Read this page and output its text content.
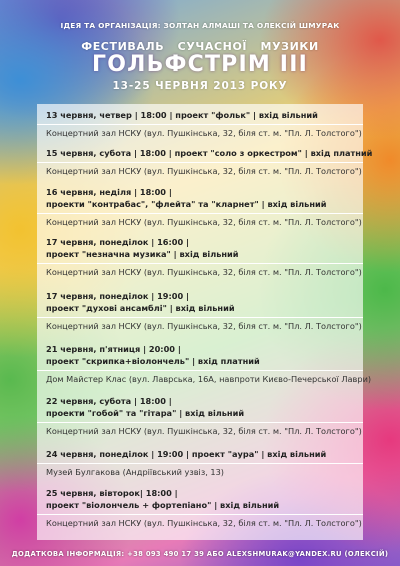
ІДЕЯ ТА ОРГАНІЗАЦІЯ: ЗОЛТАН АЛМАШІ ТА ОЛЕКСІЙ ШМУРАК
ФЕСТИВАЛЬ СУЧАСНОЇ МУЗИКИ
ГОЛЬФСТРІМ III
13-25 ЧЕРВНЯ 2013 РОКУ
13 червня, четвер | 18:00 | проект "фольк" | вхід вільний
Концертний зал НСКУ (вул. Пушкінська, 32, біля ст. м. "Пл. Л. Толстого")
15 червня, субота | 18:00 | проект "соло з оркестром" | вхід платний
Концертний зал НСКУ (вул. Пушкінська, 32, біля ст. м. "Пл. Л. Толстого")
16 червня, неділя | 18:00 |
проекти "контрабас", "флейта" та "кларнет" | вхід вільний
Концертний зал НСКУ (вул. Пушкінська, 32, біля ст. м. "Пл. Л. Толстого")
17 червня, понеділок | 16:00 |
проект "незначна музика" | вхід вільний
Концертний зал НСКУ (вул. Пушкінська, 32, біля ст. м. "Пл. Л. Толстого")
17 червня, понеділок | 19:00 |
проект "духові ансамблі" | вхід вільний
Концертний зал НСКУ (вул. Пушкінська, 32, біля ст. м. "Пл. Л. Толстого")
21 червня, п'ятниця | 20:00 |
проект "скрипка+віолончель" | вхід платний
Дом Майстер Клас (вул. Лаврська, 16А, навпроти Києво-Печерської Лаври)
22 червня, субота | 18:00 |
проекти "гобой" та "гітара" | вхід вільний
Концертний зал НСКУ (вул. Пушкінська, 32, біля ст. м. "Пл. Л. Толстого")
24 червня, понеділок | 19:00 | проект "аура" | вхід вільний
Музей Булгакова (Андріївський узвіз, 13)
25 червня, вівторок| 18:00 |
проект "віолончель + фортепіано" | вхід вільний
Концертний зал НСКУ (вул. Пушкінська, 32, біля ст. м. "Пл. Л. Толстого")
ДОДАТКОВА ІНФОРМАЦІЯ: +38 093 490 17 39 АБО ALEXSHMURAK@YANDEX.RU (ОЛЕКСІЙ)
